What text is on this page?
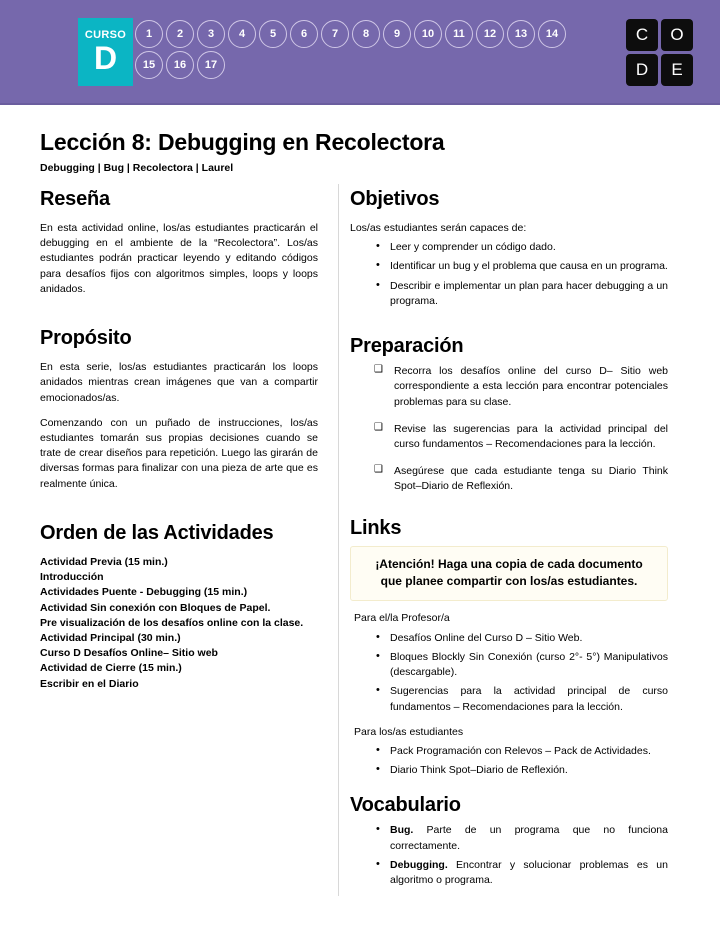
CURSO
D
1	2	3	4	5	6	7	8	9	10	11	12	13	14
15	16	17
C	O
D	E
Lección 8: Debugging en Recolectora

Debugging | Bug | Recolectora | Laurel

Reseña

En esta actividad online, los/as estudiantes practicarán el debugging en el ambiente de la “Recolectora”. Los/as estudiantes podrán practicar leyendo y editando códigos para desafíos fijos con algoritmos simples, loops y loops anidados.

Propósito

En esta serie, los/as estudiantes practicarán los loops anidados mientras crean imágenes que van a compartir emocionados/as.

Comenzando con un puñado de instrucciones, los/as estudiantes tomarán sus propias decisiones cuando se trate de crear diseños para repetición. Luego las girarán de diversas formas para finalizar con una pieza de arte que es realmente única.

Orden de las Actividades
Actividad Previa (15 min.)
Introducción
Actividades Puente - Debugging (15 min.)
Actividad Sin conexión con Bloques de Papel.
Pre visualización de los desafíos online con la clase.
Actividad Principal (30 min.)
Curso D Desafíos Online– Sitio web
Actividad de Cierre (15 min.)
Escribir en el Diario
Objetivos

Los/as estudiantes serán capaces de:

• Leer y comprender un código dado.
• Identificar un bug y el problema que causa en un programa.
• Describir e implementar un plan para hacer debugging a un programa.
Preparación
❑ Recorra los desafíos online del curso D– Sitio web correspondiente a esta lección para encontrar potenciales problemas para su clase.
❑ Revise las sugerencias para la actividad principal del curso fundamentos – Recomendaciones para la lección.
❑ Asegúrese que cada estudiante tenga su Diario Think Spot–Diario de Reflexión.
Links
¡Atención! Haga una copia de cada documento que planee compartir con los/as estudiantes.

Para el/la Profesor/a

• Desafíos Online del Curso D – Sitio Web.
• Bloques Blockly Sin Conexión (curso 2°- 5°) Manipulativos (descargable).
• Sugerencias para la actividad principal de curso fundamentos – Recomendaciones para la lección.

Para los/as estudiantes

• Pack Programación con Relevos – Pack de Actividades.
• Diario Think Spot–Diario de Reflexión.
Vocabulario
• Bug. Parte de un programa que no funciona correctamente.
• Debugging. Encontrar y solucionar problemas es un algoritmo o programa.
